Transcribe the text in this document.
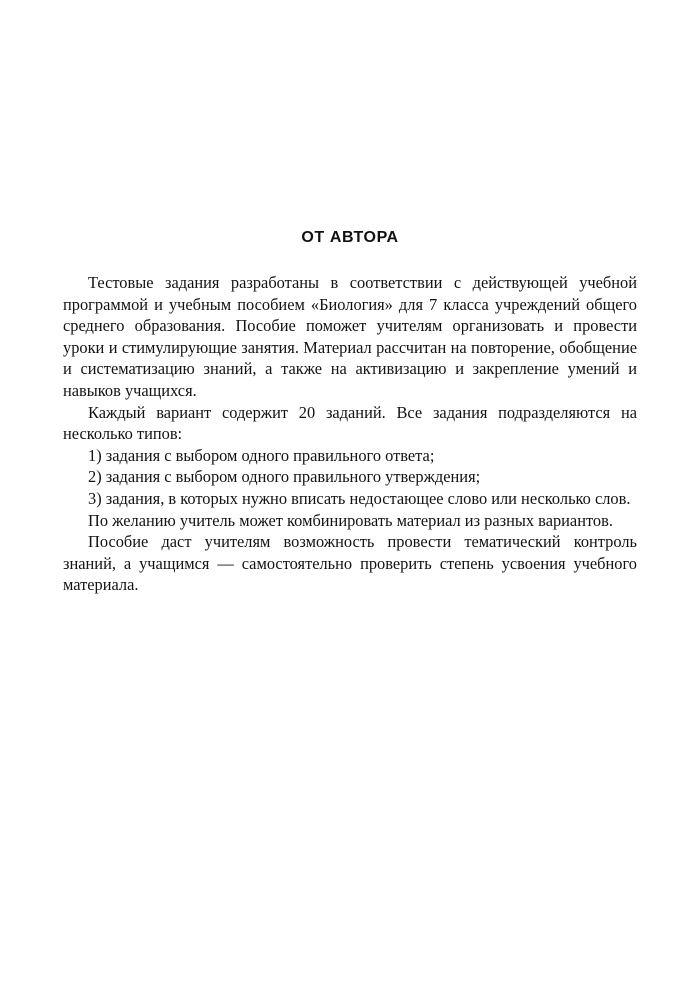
ОТ АВТОРА

Тестовые задания разработаны в соответствии с действующей учебной программой и учебным пособием «Биология» для 7 класса учреждений общего среднего образования. Пособие поможет учителям организовать и провести уроки и стимулирующие занятия. Материал рассчитан на повторение, обобщение и систематизацию знаний, а также на активизацию и закрепление умений и навыков учащихся.

Каждый вариант содержит 20 заданий. Все задания подразделяются на несколько типов:

1) задания с выбором одного правильного ответа;

2) задания с выбором одного правильного утверждения;

3) задания, в которых нужно вписать недостающее слово или несколько слов.

По желанию учитель может комбинировать материал из разных вариантов.

Пособие даст учителям возможность провести тематический контроль знаний, а учащимся — самостоятельно проверить степень усвоения учебного материала.
